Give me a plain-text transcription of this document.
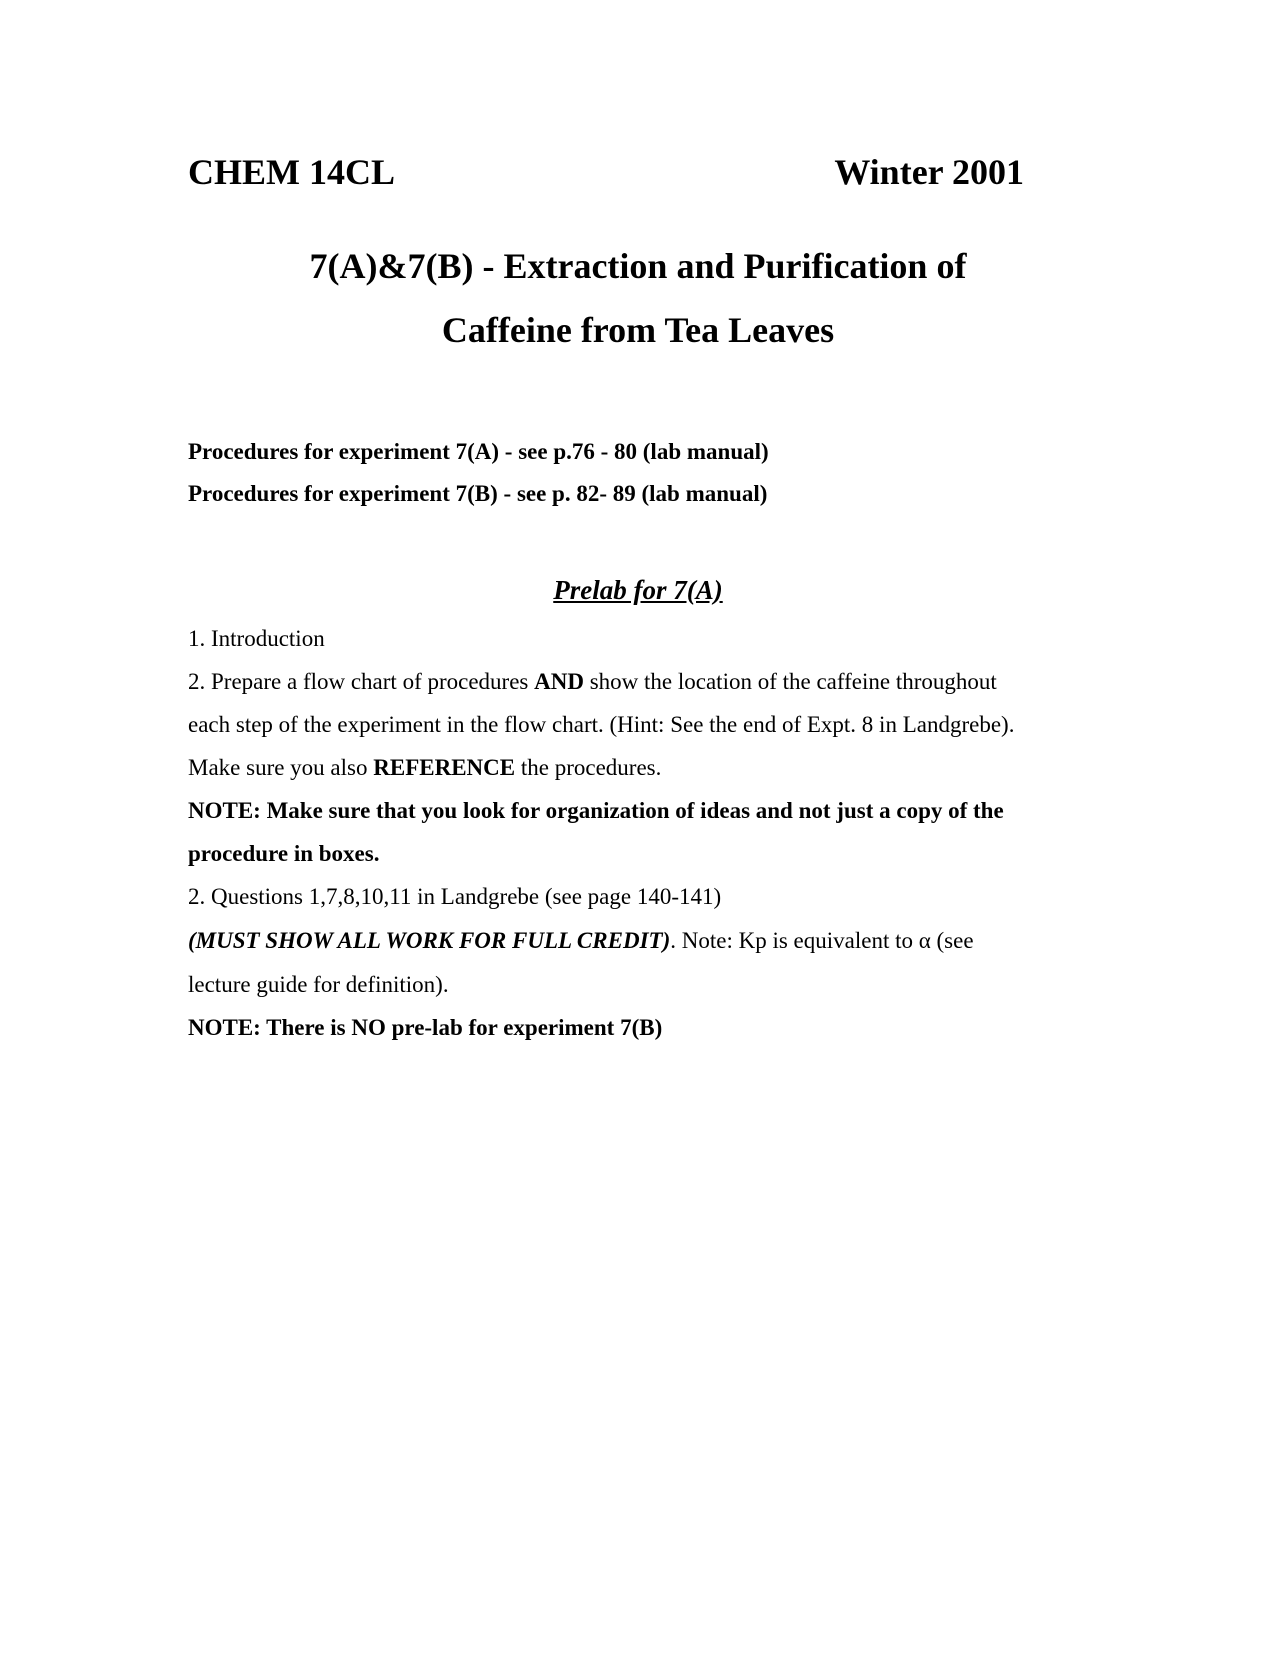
CHEM 14CL	Winter 2001
7(A)&7(B) - Extraction and Purification of
Caffeine from Tea Leaves
Procedures for experiment 7(A) - see p.76 - 80 (lab manual)
Procedures for experiment 7(B) - see p. 82- 89 (lab manual)
Prelab for 7(A)
1. Introduction
2. Prepare a flow chart of procedures AND show the location of the caffeine throughout
each step of the experiment in the flow chart. (Hint: See the end of Expt. 8 in Landgrebe).
Make sure you also REFERENCE the procedures.
NOTE: Make sure that you look for organization of ideas and not just a copy of the
procedure in boxes.
2. Questions 1,7,8,10,11 in Landgrebe (see page 140-141)
(MUST SHOW ALL WORK FOR FULL CREDIT). Note: Kp is equivalent to α (see
lecture guide for definition).
NOTE: There is NO pre-lab for experiment 7(B)
